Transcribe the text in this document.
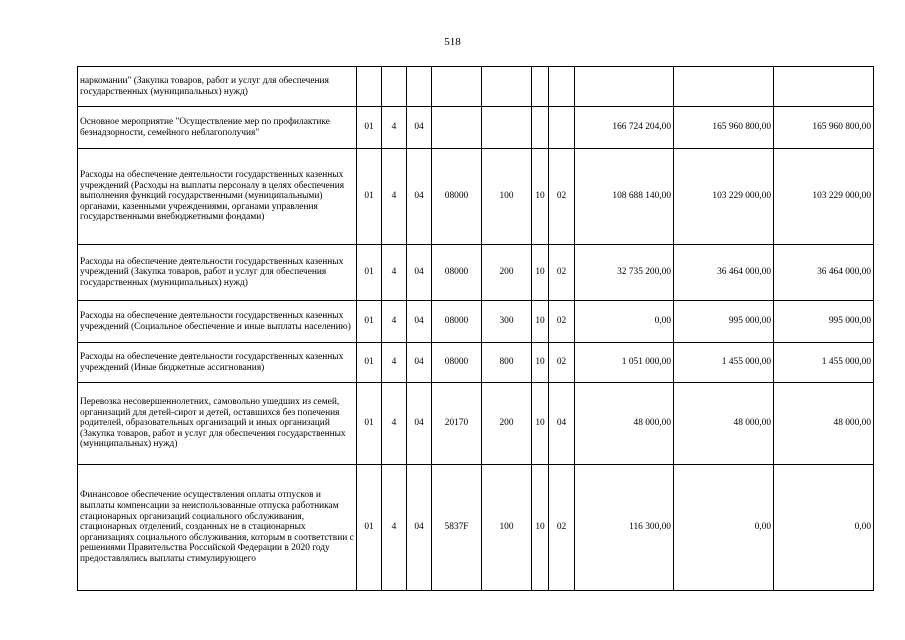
518
наркомании" (Закупка товаров, работ и услуг для обеспечения государственных (муниципальных) нужд)										
Основное мероприятие "Осуществление мер по профилактике безнадзорности, семейного неблагополучия"	01	4	04					166 724 204,00	165 960 800,00	165 960 800,00
Расходы на обеспечение деятельности государственных казенных учреждений (Расходы на выплаты персоналу в целях обеспечения выполнения функций государственными (муниципальными) органами, казенными учреждениями, органами управления государственными внебюджетными фондами)	01	4	04	08000	100	10	02	108 688 140,00	103 229 000,00	103 229 000,00
Расходы на обеспечение деятельности государственных казенных учреждений (Закупка товаров, работ и услуг для обеспечения государственных (муниципальных) нужд)	01	4	04	08000	200	10	02	32 735 200,00	36 464 000,00	36 464 000,00
Расходы на обеспечение деятельности государственных казенных учреждений (Социальное обеспечение и иные выплаты населению)	01	4	04	08000	300	10	02	0,00	995 000,00	995 000,00
Расходы на обеспечение деятельности государственных казенных учреждений (Иные бюджетные ассигнования)	01	4	04	08000	800	10	02	1 051 000,00	1 455 000,00	1 455 000,00
Перевозка несовершеннолетних, самовольно ушедших из семей, организаций для детей-сирот и детей, оставшихся без попечения родителей, образовательных организаций и иных организаций (Закупка товаров, работ и услуг для обеспечения государственных (муниципальных) нужд)	01	4	04	20170	200	10	04	48 000,00	48 000,00	48 000,00
Финансовое обеспечение осуществления оплаты отпусков и выплаты компенсации за неиспользованные отпуска работникам стационарных организаций социального обслуживания, стационарных отделений, созданных не в стационарных организациях социального обслуживания, которым в соответствии с решениями Правительства Российской Федерации в 2020 году предоставлялись выплаты стимулирующего	01	4	04	5837F	100	10	02	116 300,00	0,00	0,00
